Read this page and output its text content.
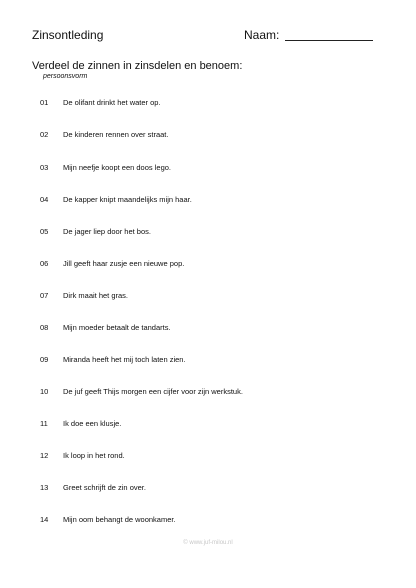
Zinsontleding	Naam:
Verdeel de zinnen in zinsdelen en benoem:
persoonsvorm
01 De olifant drinkt het water op.
02 De kinderen rennen over straat.
03 Mijn neefje koopt een doos lego.
04 De kapper knipt maandelijks mijn haar.
05 De jager liep door het bos.
06 Jill geeft haar zusje een nieuwe pop.
07 Dirk maait het gras.
08 Mijn moeder betaalt de tandarts.
09 Miranda heeft het mij toch laten zien.
10 De juf geeft Thijs morgen een cijfer voor zijn werkstuk.
11 Ik doe een klusje.
12 Ik loop in het rond.
13 Greet schrijft de zin over.
14 Mijn oom behangt de woonkamer.
© www.juf-milou.nl
